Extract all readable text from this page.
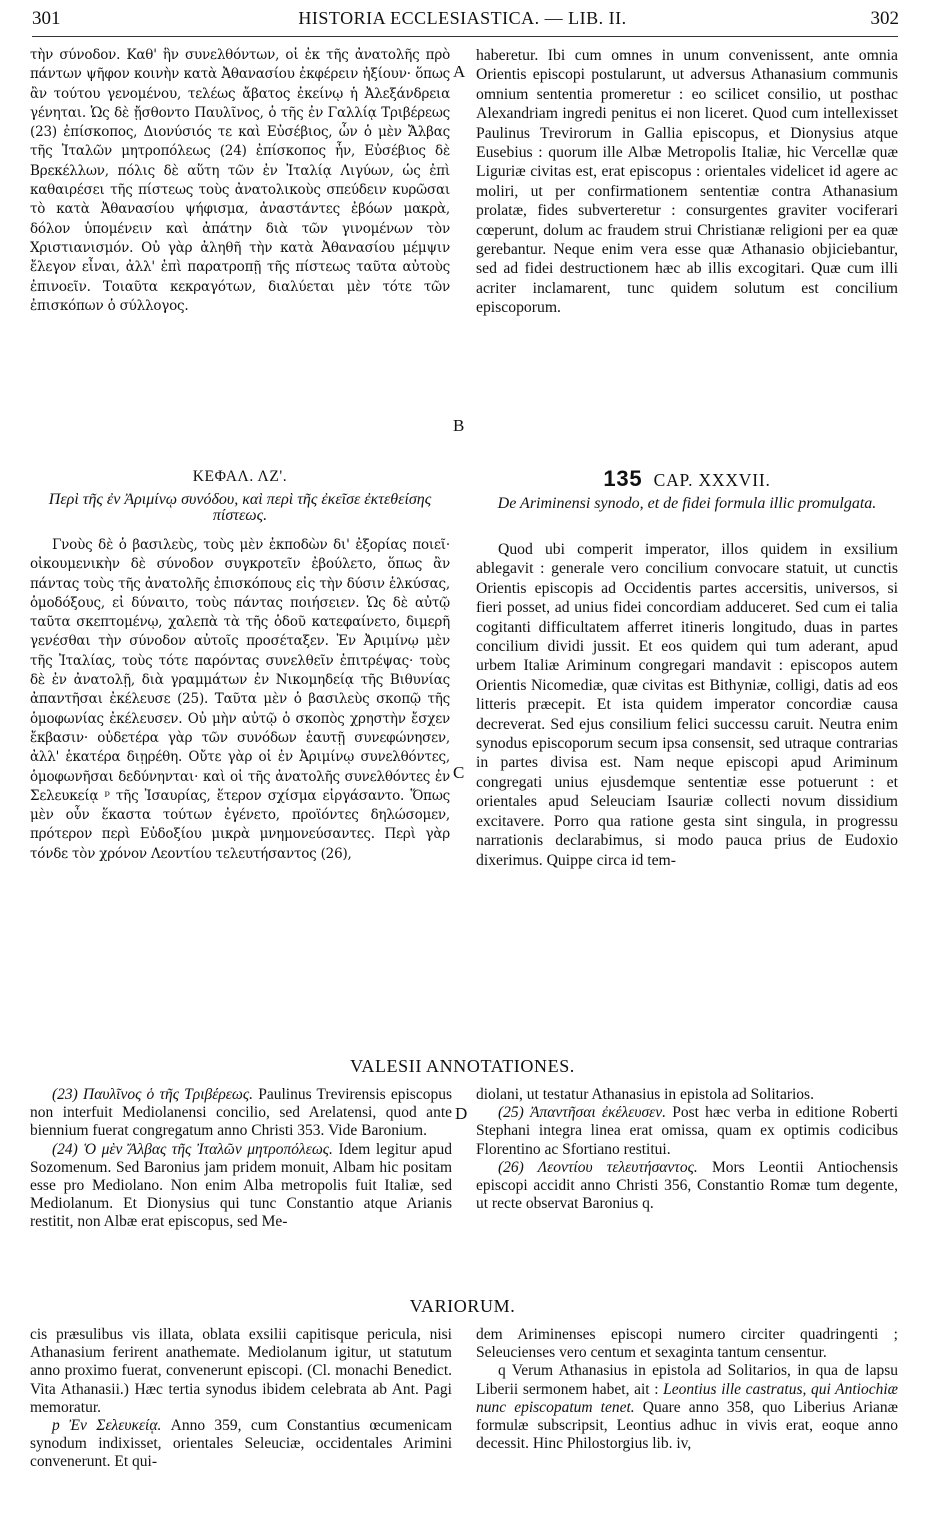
301	HISTORIA ECCLESIASTICA. — LIB. II.	302

τὴν σύνοδον. Καθ' ἣν συνελθόντων, οἱ ἐκ τῆς ἀνατολῆς πρὸ πάντων ψῆφον κοινὴν κατὰ Ἀθανασίου ἐκφέρειν ἠξίουν· ὅπως ἂν τούτου γενομένου, τελέως ἄβατος ἐκείνῳ ἡ Ἀλεξάνδρεια γένηται. Ὡς δὲ ᾔσθοντο Παυλῖνος, ὁ τῆς ἐν Γαλλίᾳ Τριβέρεως (23) ἐπίσκοπος, Διονύσιός τε καὶ Εὐσέβιος, ὧν ὁ μὲν Ἄλβας τῆς Ἰταλῶν μητροπόλεως (24) ἐπίσκοπος ἦν, Εὐσέβιος δὲ Βρεκέλλων, πόλις δὲ αὕτη τῶν ἐν Ἰταλίᾳ Λιγύων, ὡς ἐπὶ καθαιρέσει τῆς πίστεως τοὺς ἀνατολικοὺς σπεύδειν κυρῶσαι τὸ κατὰ Ἀθανασίου ψήφισμα, ἀναστάντες ἐβόων μακρὰ, δόλον ὑπομένειν καὶ ἀπάτην διὰ τῶν γινομένων τὸν Χριστιανισμόν. Οὐ γὰρ ἀληθῆ τὴν κατὰ Ἀθανασίου μέμψιν ἔλεγον εἶναι, ἀλλ' ἐπὶ παρατροπῇ τῆς πίστεως ταῦτα αὐτοὺς ἐπινοεῖν. Τοιαῦτα κεκραγότων, διαλύεται μὲν τότε τῶν ἐπισκόπων ὁ σύλλογος.

ΚΕΦΑΛ. ΛΖ'.
Περὶ τῆς ἐν Ἀριμίνῳ συνόδου, καὶ περὶ τῆς ἐκεῖσε ἐκτεθείσης πίστεως.

Γνοὺς δὲ ὁ βασιλεὺς, τοὺς μὲν ἐκποδὼν δι' ἐξορίας ποιεῖ· οἰκουμενικὴν δὲ σύνοδον συγκροτεῖν ἐβούλετο, ὅπως ἂν πάντας τοὺς τῆς ἀνατολῆς ἐπισκόπους εἰς τὴν δύσιν ἑλκύσας, ὁμοδόξους, εἰ δύναιτο, τοὺς πάντας ποιήσειεν. Ὡς δὲ αὐτῷ ταῦτα σκεπτομένῳ, χαλεπὰ τὰ τῆς ὁδοῦ κατεφαίνετο, διμερῆ γενέσθαι τὴν σύνοδον αὐτοῖς προσέταξεν. Ἐν Ἀριμίνῳ μὲν τῆς Ἰταλίας, τοὺς τότε παρόντας συνελθεῖν ἐπιτρέψας· τοὺς δὲ ἐν ἀνατολῇ, διὰ γραμμάτων ἐν Νικομηδείᾳ τῆς Βιθυνίας ἀπαντῆσαι ἐκέλευσε (25). Ταῦτα μὲν ὁ βασιλεὺς σκοπῷ τῆς ὁμοφωνίας ἐκέλευσεν. Οὐ μὴν αὐτῷ ὁ σκοπὸς χρηστὴν ἔσχεν ἔκβασιν· οὐδετέρα γὰρ τῶν συνόδων ἑαυτῇ συνεφώνησεν, ἀλλ' ἑκατέρα διῃρέθη. Οὔτε γὰρ οἱ ἐν Ἀριμίνῳ συνελθόντες, ὁμοφωνῆσαι δεδύνηνται· καὶ οἱ τῆς ἀνατολῆς συνελθόντες ἐν Σελευκείᾳ ᵖ τῆς Ἰσαυρίας, ἕτερον σχίσμα εἰργάσαντο. Ὅπως μὲν οὖν ἕκαστα τούτων ἐγένετο, προϊόντες δηλώσομεν, πρότερον περὶ Εὐδοξίου μικρὰ μνημονεύσαντες. Περὶ γὰρ τόνδε τὸν χρόνον Λεοντίου τελευτήσαντος (26),

A
B
C
D

haberetur. Ibi cum omnes in unum convenissent, ante omnia Orientis episcopi postularunt, ut adversus Athanasium communis omnium sententia promeretur : eo scilicet consilio, ut posthac Alexandriam ingredi penitus ei non liceret. Quod cum intellexisset Paulinus Trevirorum in Gallia episcopus, et Dionysius atque Eusebius : quorum ille Albæ Metropolis Italiæ, hic Vercellæ quæ Liguriæ civitas est, erat episcopus : orientales videlicet id agere ac moliri, ut per confirmationem sententiæ contra Athanasium prolatæ, fides subverteretur : consurgentes graviter vociferari cœperunt, dolum ac fraudem strui Christianæ religioni per ea quæ gerebantur. Neque enim vera esse quæ Athanasio objiciebantur, sed ad fidei destructionem hæc ab illis excogitari. Quæ cum illi acriter inclamarent, tunc quidem solutum est concilium episcoporum.

135 CAP. XXXVII.
De Ariminensi synodo, et de fidei formula illic promulgata.

Quod ubi comperit imperator, illos quidem in exsilium ablegavit : generale vero concilium convocare statuit, ut cunctis Orientis episcopis ad Occidentis partes accersitis, universos, si fieri posset, ad unius fidei concordiam adduceret. Sed cum ei talia cogitanti difficultatem afferret itineris longitudo, duas in partes concilium dividi jussit. Et eos quidem qui tum aderant, apud urbem Italiæ Ariminum congregari mandavit : episcopos autem Orientis Nicomediæ, quæ civitas est Bithyniæ, colligi, datis ad eos litteris præcepit. Et ista quidem imperator concordiæ causa decreverat. Sed ejus consilium felici successu caruit. Neutra enim synodus episcoporum secum ipsa consensit, sed utraque contrarias in partes divisa est. Nam neque episcopi apud Ariminum congregati unius ejusdemque sententiæ esse potuerunt : et orientales apud Seleuciam Isauriæ collecti novum dissidium excitavere. Porro qua ratione gesta sint singula, in progressu narrationis declarabimus, si modo pauca prius de Eudoxio dixerimus. Quippe circa id tem-

VALESII ANNOTATIONES.

(23) Παυλῖνος ὁ τῆς Τριβέρεως. Paulinus Trevirensis episcopus non interfuit Mediolanensi concilio, sed Arelatensi, quod ante biennium fuerat congregatum anno Christi 353. Vide Baronium.

(24) Ὁ μὲν Ἄλβας τῆς Ἰταλῶν μητροπόλεως. Idem legitur apud Sozomenum. Sed Baronius jam pridem monuit, Albam hic positam esse pro Mediolano. Non enim Alba metropolis fuit Italiæ, sed Mediolanum. Et Dionysius qui tunc Constantio atque Arianis restitit, non Albæ erat episcopus, sed Me-

diolani, ut testatur Athanasius in epistola ad Solitarios.

(25) Ἀπαντῆσαι ἐκέλευσεν. Post hæc verba in editione Roberti Stephani integra linea erat omissa, quam ex optimis codicibus Florentino ac Sfortiano restitui.

(26) Λεοντίου τελευτήσαντος. Mors Leontii Antiochensis episcopi accidit anno Christi 356, Constantio Romæ tum degente, ut recte observat Baronius q.

VARIORUM.

cis præsulibus vis illata, oblata exsilii capitisque pericula, nisi Athanasium ferirent anathemate. Mediolanum igitur, ut statutum anno proximo fuerat, convenerunt episcopi. (Cl. monachi Benedict. Vita Athanasii.) Hæc tertia synodus ibidem celebrata ab Ant. Pagi memoratur.

p Ἐν Σελευκείᾳ. Anno 359, cum Constantius œcumenicam synodum indixisset, orientales Seleuciæ, occidentales Arimini convenerunt. Et qui-

dem Ariminenses episcopi numero circiter quadringenti ; Seleucienses vero centum et sexaginta tantum censentur.

q Verum Athanasius in epistola ad Solitarios, in qua de lapsu Liberii sermonem habet, ait : Leontius ille castratus, qui Antiochiæ nunc episcopatum tenet. Quare anno 358, quo Liberius Arianæ formulæ subscripsit, Leontius adhuc in vivis erat, eoque anno decessit. Hinc Philostorgius lib. iv,
